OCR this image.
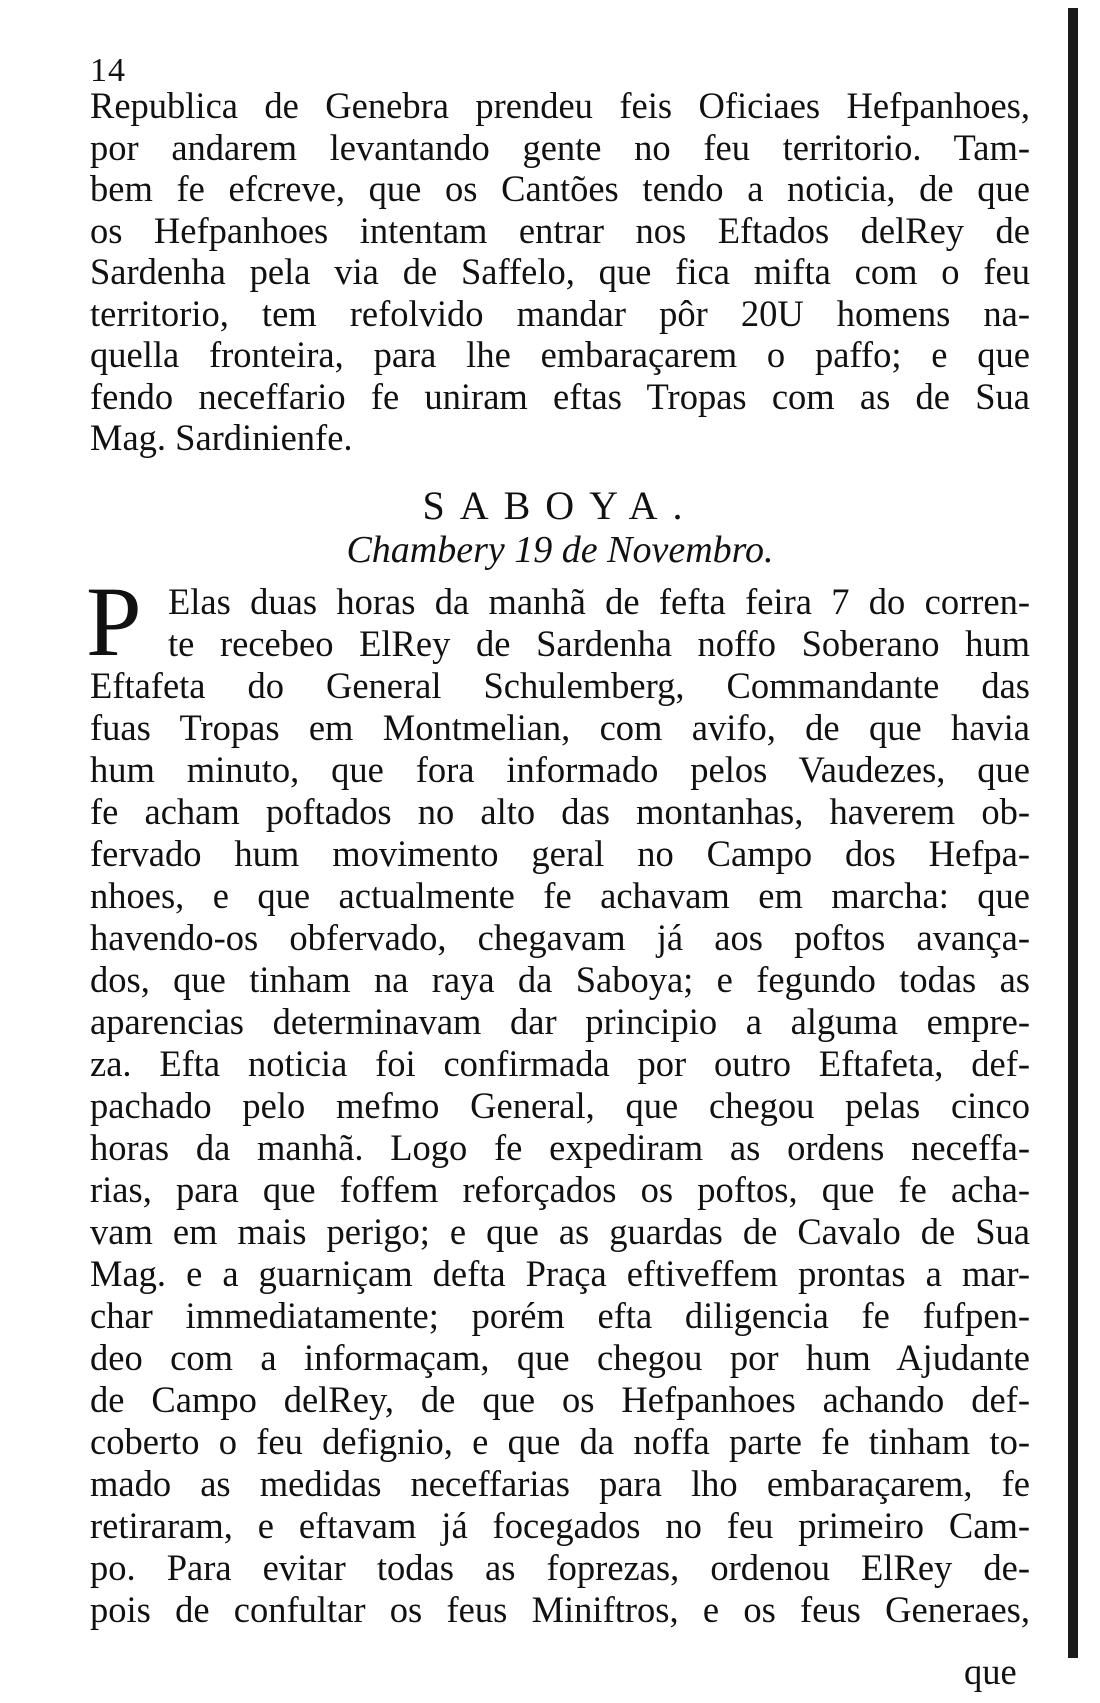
14
Republica de Genebra prendeu feis Oficiaes Hefpanhoes,
por andarem levantando gente no feu territorio. Tam-
bem fe efcreve, que os Cantões tendo a noticia, de que
os Hefpanhoes intentam entrar nos Eftados delRey de
Sardenha pela via de Saffelo, que fica mifta com o feu
territorio, tem refolvido mandar pôr 20U homens na-
quella fronteira, para lhe embaraçarem o paffo; e que
fendo neceffario fe uniram eftas Tropas com as de Sua
Mag. Sardinienfe.
SABOYA.
Chambery 19 de Novembro.
P Elas duas horas da manhã de fefta feira 7 do corren-
te recebeo ElRey de Sardenha noffo Soberano hum
Eftafeta do General Schulemberg, Commandante das
fuas Tropas em Montmelian, com avifo, de que havia
hum minuto, que fora informado pelos Vaudezes, que
fe acham poftados no alto das montanhas, haverem ob-
fervado hum movimento geral no Campo dos Hefpa-
nhoes, e que actualmente fe achavam em marcha: que
havendo-os obfervado, chegavam já aos poftos avança-
dos, que tinham na raya da Saboya; e fegundo todas as
aparencias determinavam dar principio a alguma empre-
za. Efta noticia foi confirmada por outro Eftafeta, def-
pachado pelo mefmo General, que chegou pelas cinco
horas da manhã. Logo fe expediram as ordens neceffa-
rias, para que foffem reforçados os poftos, que fe acha-
vam em mais perigo; e que as guardas de Cavalo de Sua
Mag. e a guarniçam defta Praça eftiveffem prontas a mar-
char immediatamente; porém efta diligencia fe fufpen-
deo com a informaçam, que chegou por hum Ajudante
de Campo delRey, de que os Hefpanhoes achando def-
coberto o feu defignio, e que da noffa parte fe tinham to-
mado as medidas neceffarias para lho embaraçarem, fe
retiraram, e eftavam já focegados no feu primeiro Cam-
po. Para evitar todas as foprezas, ordenou ElRey de-
pois de confultar os feus Miniftros, e os feus Generaes,
que
